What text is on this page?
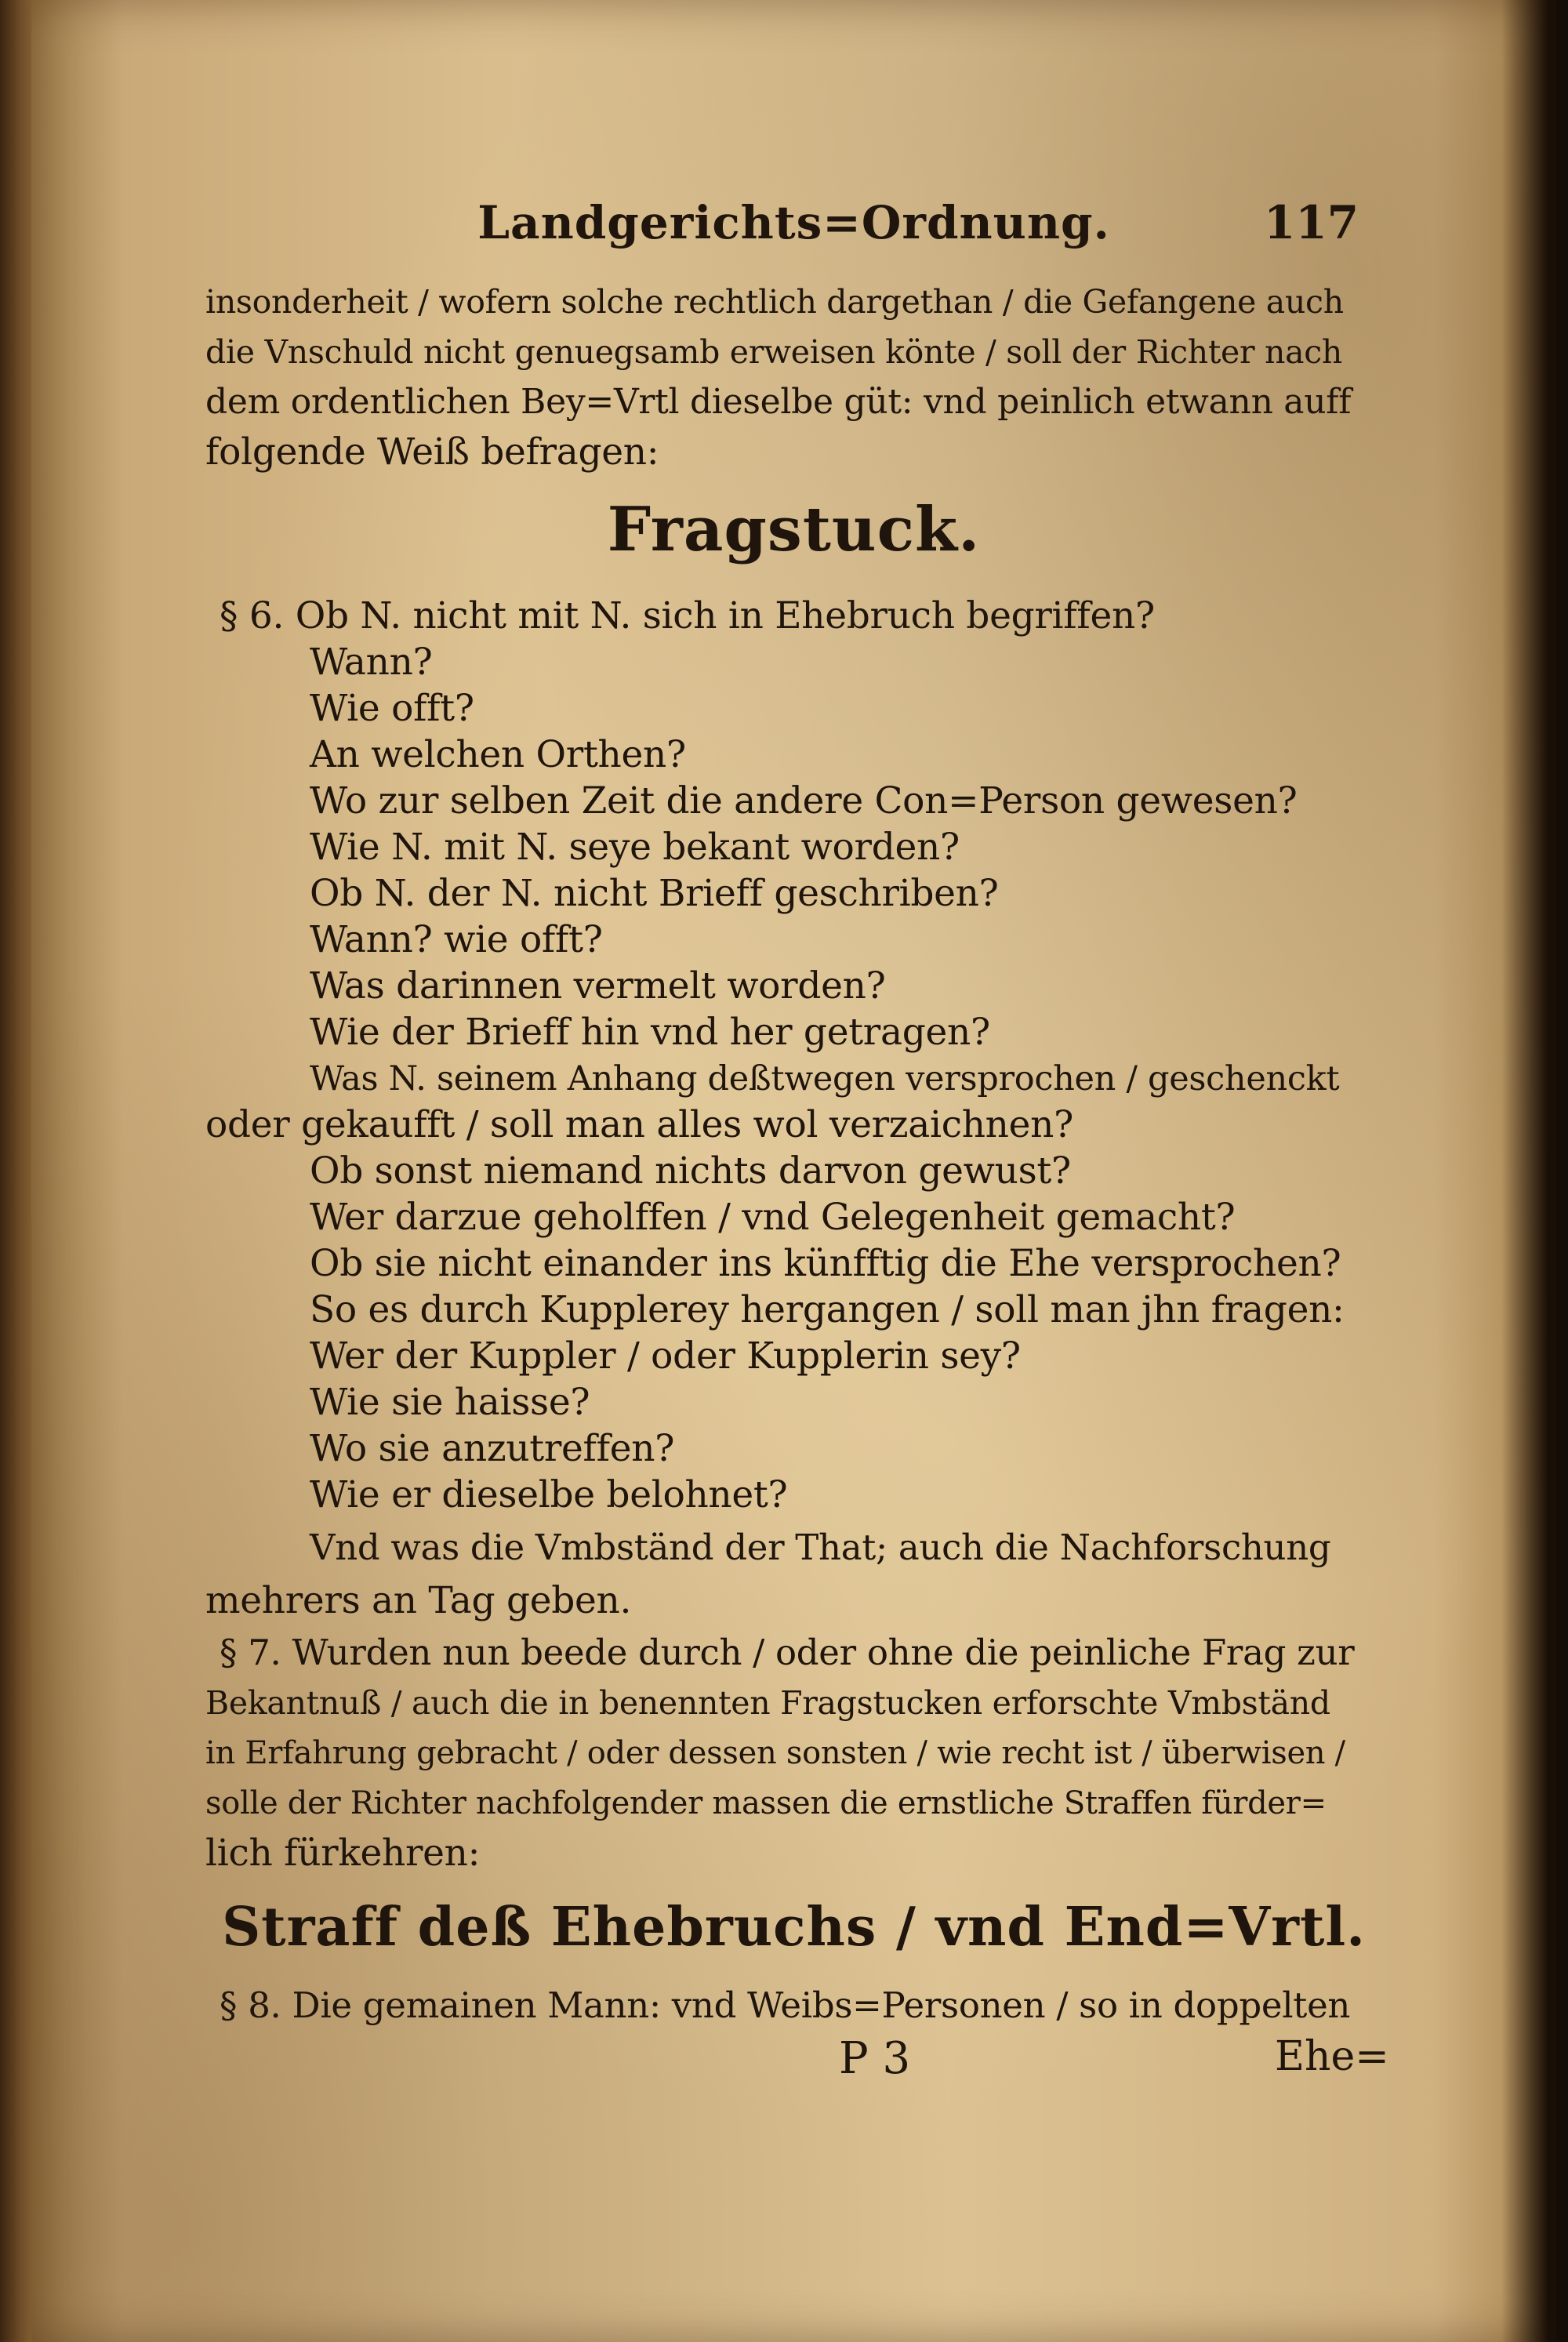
Landgerichts=Ordnung.	117
insonderheit / wofern solche rechtlich dargethan / die Gefangene auch
die Vnschuld nicht genuegsamb erweisen könte / soll der Richter nach
dem ordentlichen Bey=Vrtl dieselbe güt: vnd peinlich etwann auff
folgende Weiß befragen:
Fragstuck.
§ 6. Ob N. nicht mit N. sich in Ehebruch begriffen?
Wann?
Wie offt?
An welchen Orthen?
Wo zur selben Zeit die andere Con=Person gewesen?
Wie N. mit N. seye bekant worden?
Ob N. der N. nicht Brieff geschriben?
Wann? wie offt?
Was darinnen vermelt worden?
Wie der Brieff hin vnd her getragen?
Was N. seinem Anhang deßtwegen versprochen / geschenckt
oder gekaufft / soll man alles wol verzaichnen?
Ob sonst niemand nichts darvon gewust?
Wer darzue geholffen / vnd Gelegenheit gemacht?
Ob sie nicht einander ins künfftig die Ehe versprochen?
So es durch Kupplerey hergangen / soll man jhn fragen:
Wer der Kuppler / oder Kupplerin sey?
Wie sie haisse?
Wo sie anzutreffen?
Wie er dieselbe belohnet?
Vnd was die Vmbständ der That; auch die Nachforschung
mehrers an Tag geben.
§ 7. Wurden nun beede durch / oder ohne die peinliche Frag zur
Bekantnuß / auch die in benennten Fragstucken erforschte Vmbständ
in Erfahrung gebracht / oder dessen sonsten / wie recht ist / überwisen /
solle der Richter nachfolgender massen die ernstliche Straffen fürder=
lich fürkehren:
Straff deß Ehebruchs / vnd End=Vrtl.
§ 8. Die gemainen Mann: vnd Weibs=Personen / so in doppelten
P 3	Ehe=
